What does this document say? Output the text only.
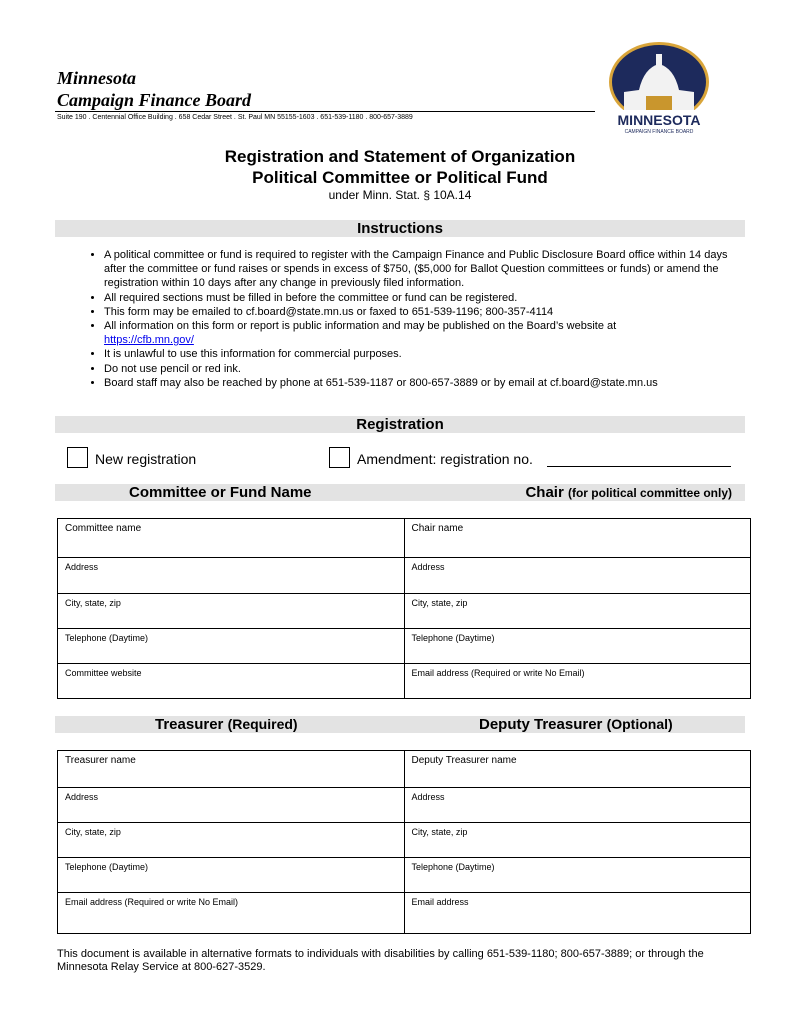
Minnesota
Campaign Finance Board
Suite 190 . Centennial Office Building . 658 Cedar Street . St. Paul MN 55155-1603 . 651-539-1180 . 800-657-3889	MINNESOTA
CAMPAIGN FINANCE BOARD
Registration and Statement of Organization
Political Committee or Political Fund
under Minn. Stat. § 10A.14
Instructions
• A political committee or fund is required to register with the Campaign Finance and Public Disclosure Board office within 14 days after the committee or fund raises or spends in excess of $750, ($5,000 for Ballot Question committees or funds) or amend the registration within 10 days after any change in previously filed information.
• All required sections must be filled in before the committee or fund can be registered.
• This form may be emailed to cf.board@state.mn.us or faxed to 651-539-1196; 800-357-4114
• All information on this form or report is public information and may be published on the Board’s website at
https://cfb.mn.gov/
• It is unlawful to use this information for commercial purposes.
• Do not use pencil or red ink.
• Board staff may also be reached by phone at 651-539-1187 or 800-657-3889 or by email at cf.board@state.mn.us
Registration
New registration	Amendment: registration no.
Committee or Fund Name	Chair (for political committee only)
Committee name	Chair name
Address	Address
City, state, zip	City, state, zip
Telephone (Daytime)	Telephone (Daytime)
Committee website	Email address (Required or write No Email)
Treasurer (Required)	Deputy Treasurer (Optional)
Treasurer name	Deputy Treasurer name
Address	Address
City, state, zip	City, state, zip
Telephone (Daytime)	Telephone (Daytime)
Email address (Required or write No Email)	Email address
This document is available in alternative formats to individuals with disabilities by calling 651-539-1180; 800-657-3889; or through the Minnesota Relay Service at 800-627-3529.
